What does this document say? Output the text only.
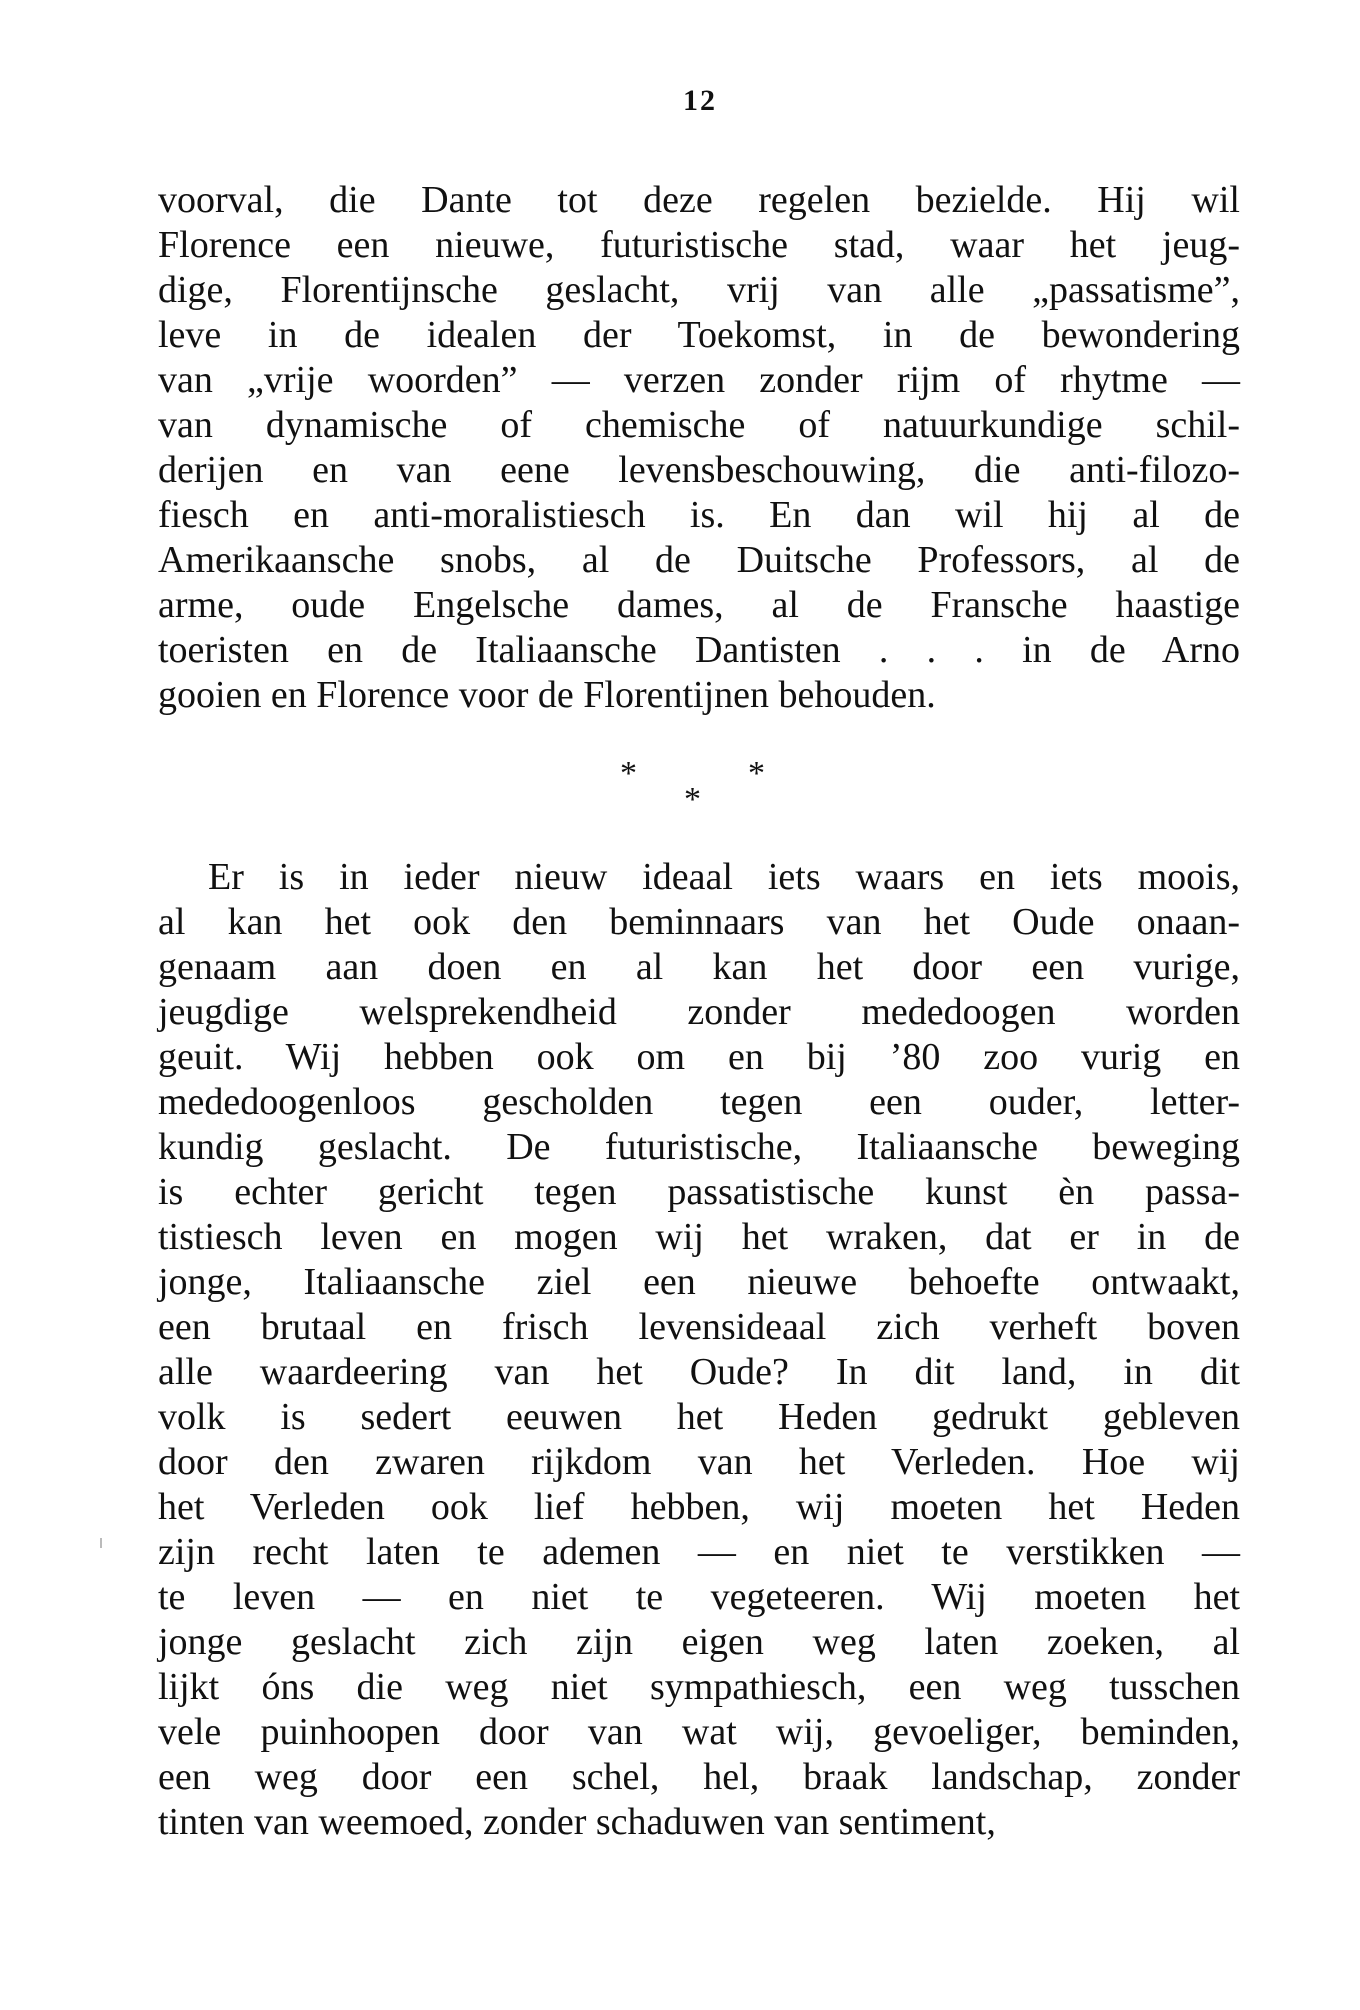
12
voorval, die Dante tot deze regelen bezielde. Hij wil
Florence een nieuwe, futuristische stad, waar het jeug-
dige, Florentijnsche geslacht, vrij van alle „passatisme”,
leve in de idealen der Toekomst, in de bewondering
van „vrije woorden” — verzen zonder rijm of rhytme —
van dynamische of chemische of natuurkundige schil-
derijen en van eene levensbeschouwing, die anti-filozo-
fiesch en anti-moralistiesch is. En dan wil hij al de
Amerikaansche snobs, al de Duitsche Professors, al de
arme, oude Engelsche dames, al de Fransche haastige
toeristen en de Italiaansche Dantisten . . . in de Arno
gooien en Florence voor de Florentijnen behouden.
*
*
*
Er is in ieder nieuw ideaal iets waars en iets moois,
al kan het ook den beminnaars van het Oude onaan-
genaam aan doen en al kan het door een vurige,
jeugdige welsprekendheid zonder mededoogen worden
geuit. Wij hebben ook om en bij ’80 zoo vurig en
mededoogenloos gescholden tegen een ouder, letter-
kundig geslacht. De futuristische, Italiaansche beweging
is echter gericht tegen passatistische kunst èn passa-
tistiesch leven en mogen wij het wraken, dat er in de
jonge, Italiaansche ziel een nieuwe behoefte ontwaakt,
een brutaal en frisch levensideaal zich verheft boven
alle waardeering van het Oude? In dit land, in dit
volk is sedert eeuwen het Heden gedrukt gebleven
door den zwaren rijkdom van het Verleden. Hoe wij
het Verleden ook lief hebben, wij moeten het Heden
zijn recht laten te ademen — en niet te verstikken —
te leven — en niet te vegeteeren. Wij moeten het
jonge geslacht zich zijn eigen weg laten zoeken, al
lijkt óns die weg niet sympathiesch, een weg tusschen
vele puinhoopen door van wat wij, gevoeliger, beminden,
een weg door een schel, hel, braak landschap, zonder
tinten van weemoed, zonder schaduwen van sentiment,
